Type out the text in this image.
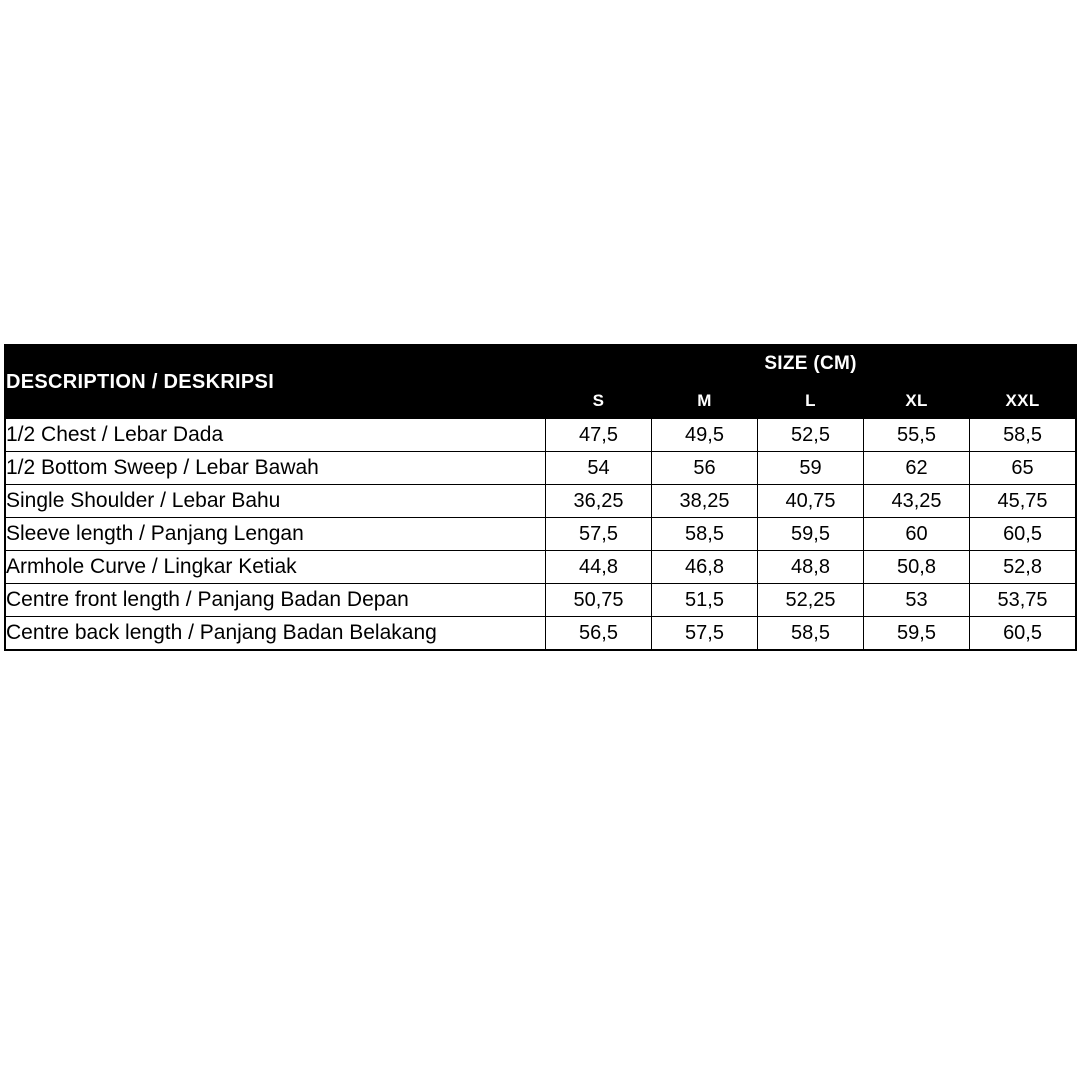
DESCRIPTION / DESKRIPSI	SIZE (CM)				
	S	M	L	XL	XXL
1/2 Chest / Lebar Dada	47,5	49,5	52,5	55,5	58,5
1/2 Bottom Sweep / Lebar Bawah	54	56	59	62	65
Single Shoulder / Lebar Bahu	36,25	38,25	40,75	43,25	45,75
Sleeve length / Panjang Lengan	57,5	58,5	59,5	60	60,5
Armhole Curve / Lingkar Ketiak	44,8	46,8	48,8	50,8	52,8
Centre front length / Panjang Badan Depan	50,75	51,5	52,25	53	53,75
Centre back length / Panjang Badan Belakang	56,5	57,5	58,5	59,5	60,5
